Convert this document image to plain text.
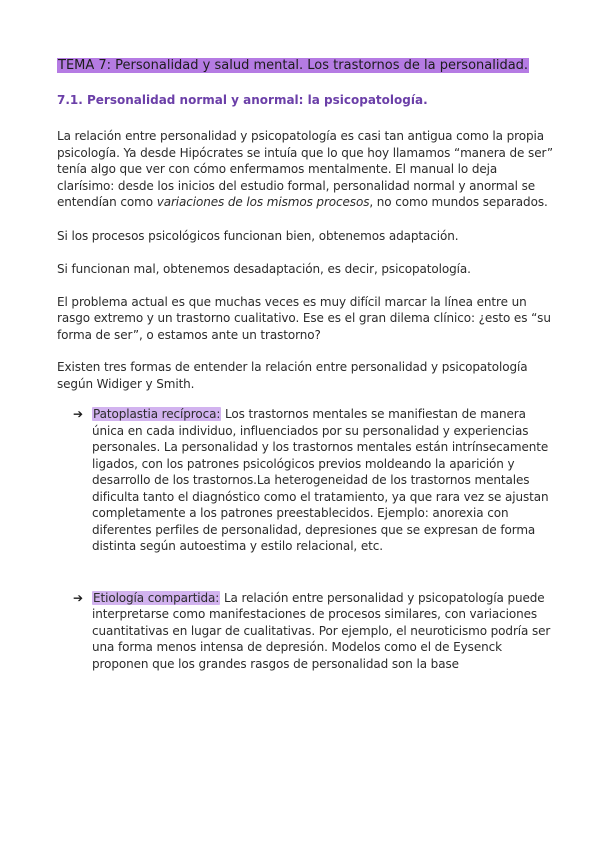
TEMA 7: Personalidad y salud mental. Los trastornos de la personalidad.
7.1. Personalidad normal y anormal: la psicopatología.

La relación entre personalidad y psicopatología es casi tan antigua como la propia psicología. Ya desde Hipócrates se intuía que lo que hoy llamamos “manera de ser” tenía algo que ver con cómo enfermamos mentalmente. El manual lo deja clarísimo: desde los inicios del estudio formal, personalidad normal y anormal se entendían como variaciones de los mismos procesos, no como mundos separados.

Si los procesos psicológicos funcionan bien, obtenemos adaptación.

Si funcionan mal, obtenemos desadaptación, es decir, psicopatología.

El problema actual es que muchas veces es muy difícil marcar la línea entre un rasgo extremo y un trastorno cualitativo. Ese es el gran dilema clínico: ¿esto es “su forma de ser”, o estamos ante un trastorno?

Existen tres formas de entender la relación entre personalidad y psicopatología según Widiger y Smith.

➔ Patoplastia recíproca: Los trastornos mentales se manifiestan de manera única en cada individuo, influenciados por su personalidad y experiencias personales. La personalidad y los trastornos mentales están intrínsecamente ligados, con los patrones psicológicos previos moldeando la aparición y desarrollo de los trastornos.La heterogeneidad de los trastornos mentales dificulta tanto el diagnóstico como el tratamiento, ya que rara vez se ajustan completamente a los patrones preestablecidos. Ejemplo: anorexia con diferentes perfiles de personalidad, depresiones que se expresan de forma distinta según autoestima y estilo relacional, etc.

➔ Etiología compartida: La relación entre personalidad y psicopatología puede interpretarse como manifestaciones de procesos similares, con variaciones cuantitativas en lugar de cualitativas. Por ejemplo, el neuroticismo podría ser una forma menos intensa de depresión. Modelos como el de Eysenck proponen que los grandes rasgos de personalidad son la base
